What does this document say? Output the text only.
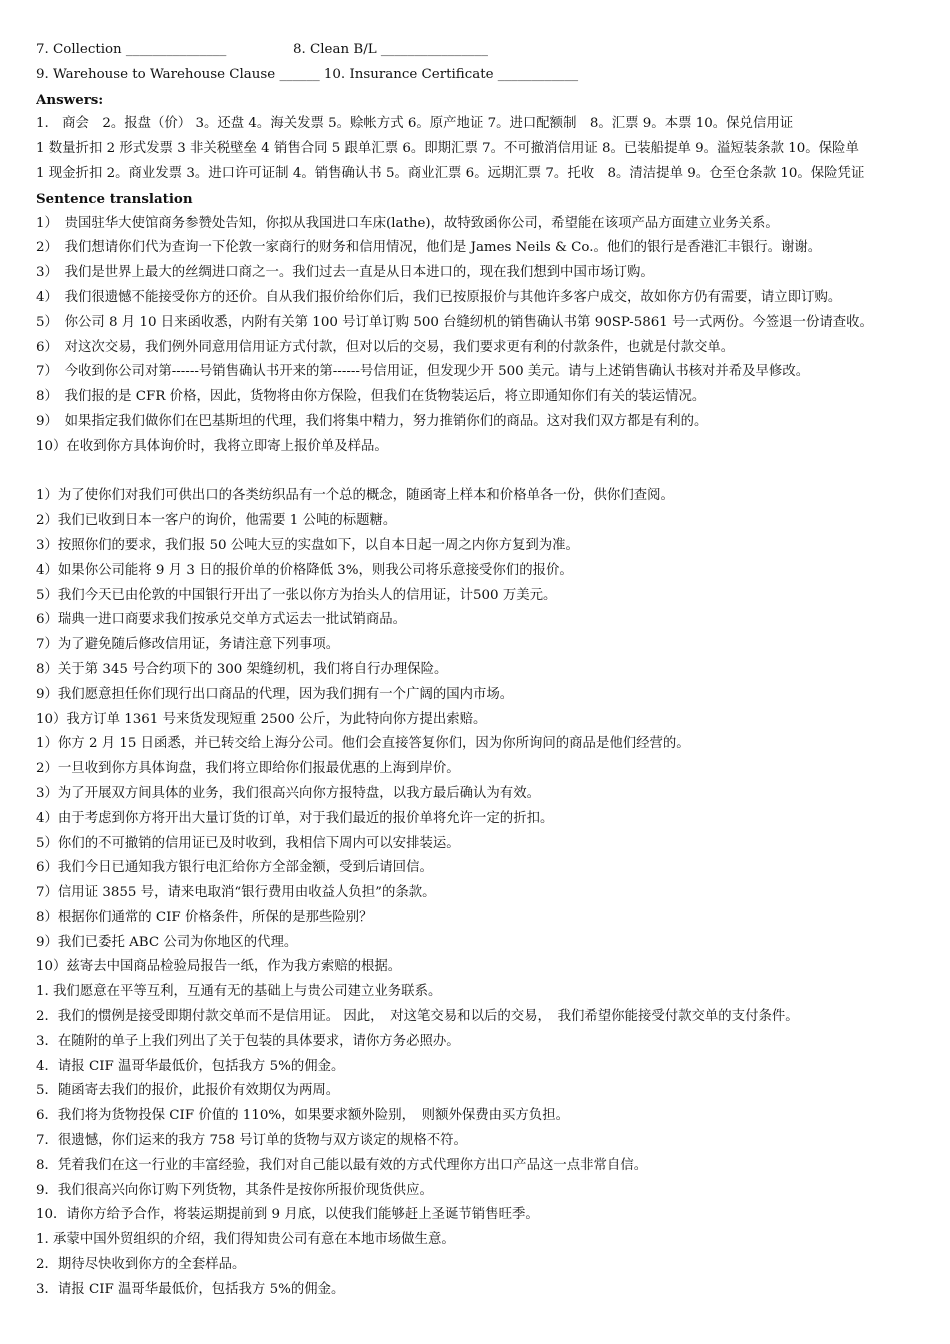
7. Collection _______________	8. Clean B/L ________________
9. Warehouse to Warehouse Clause ______ 10. Insurance Certificate ____________
Answers:
1.　商会　2。报盘（价） 3。还盘 4。海关发票 5。赊帐方式 6。原产地证 7。进口配额制　8。汇票 9。本票 10。保兑信用证
1 数量折扣 2 形式发票 3 非关税壁垒 4 销售合同 5 跟单汇票 6。即期汇票 7。不可撤消信用证 8。已装船提单 9。溢短装条款 10。保险单
1 现金折扣 2。商业发票 3。进口许可证制 4。销售确认书 5。商业汇票 6。远期汇票 7。托收　8。清洁提单 9。仓至仓条款 10。保险凭证
Sentence translation
1）　贵国驻华大使馆商务参赞处告知，你拟从我国进口车床(lathe)，故特致函你公司，希望能在该项产品方面建立业务关系。
2）　我们想请你们代为查询一下伦敦一家商行的财务和信用情况，他们是 James Neils & Co.。他们的银行是香港汇丰银行。谢谢。
3）　我们是世界上最大的丝绸进口商之一。我们过去一直是从日本进口的，现在我们想到中国市场订购。
4）　我们很遗憾不能接受你方的还价。自从我们报价给你们后，我们已按原报价与其他许多客户成交，故如你方仍有需要，请立即订购。
5）　你公司 8 月 10 日来函收悉，内附有关第 100 号订单订购 500 台缝纫机的销售确认书第 90SP-5861 号一式两份。今签退一份请查收。
6）　对这次交易，我们例外同意用信用证方式付款，但对以后的交易，我们要求更有利的付款条件，也就是付款交单。
7）　今收到你公司对第------号销售确认书开来的第------号信用证，但发现少开 500 美元。请与上述销售确认书核对并希及早修改。
8）　我们报的是 CFR 价格，因此，货物将由你方保险，但我们在货物装运后，将立即通知你们有关的装运情况。
9）　如果指定我们做你们在巴基斯坦的代理，我们将集中精力，努力推销你们的商品。这对我们双方都是有利的。
10）在收到你方具体询价时，我将立即寄上报价单及样品。
1）为了使你们对我们可供出口的各类纺织品有一个总的概念，随函寄上样本和价格单各一份，供你们查阅。
2）我们已收到日本一客户的询价，他需要 1 公吨的标题糖。
3）按照你们的要求，我们报 50 公吨大豆的实盘如下，以自本日起一周之内你方复到为准。
4）如果你公司能将 9 月 3 日的报价单的价格降低 3%，则我公司将乐意接受你们的报价。
5）我们今天已由伦敦的中国银行开出了一张以你方为抬头人的信用证，计500 万美元。
6）瑞典一进口商要求我们按承兑交单方式运去一批试销商品。
7）为了避免随后修改信用证，务请注意下列事项。
8）关于第 345 号合约项下的 300 架缝纫机，我们将自行办理保险。
9）我们愿意担任你们现行出口商品的代理，因为我们拥有一个广阔的国内市场。
10）我方订单 1361 号来货发现短重 2500 公斤，为此特向你方提出索赔。
1）你方 2 月 15 日函悉，并已转交给上海分公司。他们会直接答复你们，因为你所询问的商品是他们经营的。
2）一旦收到你方具体询盘，我们将立即给你们报最优惠的上海到岸价。
3）为了开展双方间具体的业务，我们很高兴向你方报特盘，以我方最后确认为有效。
4）由于考虑到你方将开出大量订货的订单，对于我们最近的报价单将允许一定的折扣。
5）你们的不可撤销的信用证已及时收到，我相信下周内可以安排装运。
6）我们今日已通知我方银行电汇给你方全部金额，受到后请回信。
7）信用证 3855 号，请来电取消“银行费用由收益人负担”的条款。
8）根据你们通常的 CIF 价格条件，所保的是那些险别？
9）我们已委托 ABC 公司为你地区的代理。
10）兹寄去中国商品检验局报告一纸，作为我方索赔的根据。
1. 我们愿意在平等互利，互通有无的基础上与贵公司建立业务联系。
2．我们的惯例是接受即期付款交单而不是信用证。 因此，　对这笔交易和以后的交易，　我们希望你能接受付款交单的支付条件。
3．在随附的单子上我们列出了关于包装的具体要求，请你方务必照办。
4．请报 CIF 温哥华最低价，包括我方 5%的佣金。
5．随函寄去我们的报价，此报价有效期仅为两周。
6．我们将为货物投保 CIF 价值的 110%，如果要求额外险别，　则额外保费由买方负担。
7．很遗憾，你们运来的我方 758 号订单的货物与双方谈定的规格不符。
8．凭着我们在这一行业的丰富经验，我们对自己能以最有效的方式代理你方出口产品这一点非常自信。
9．我们很高兴向你订购下列货物，其条件是按你所报价现货供应。
10．请你方给予合作，将装运期提前到 9 月底，以使我们能够赶上圣诞节销售旺季。
1. 承蒙中国外贸组织的介绍，我们得知贵公司有意在本地市场做生意。
2．期待尽快收到你方的全套样品。
3．请报 CIF 温哥华最低价，包括我方 5%的佣金。
